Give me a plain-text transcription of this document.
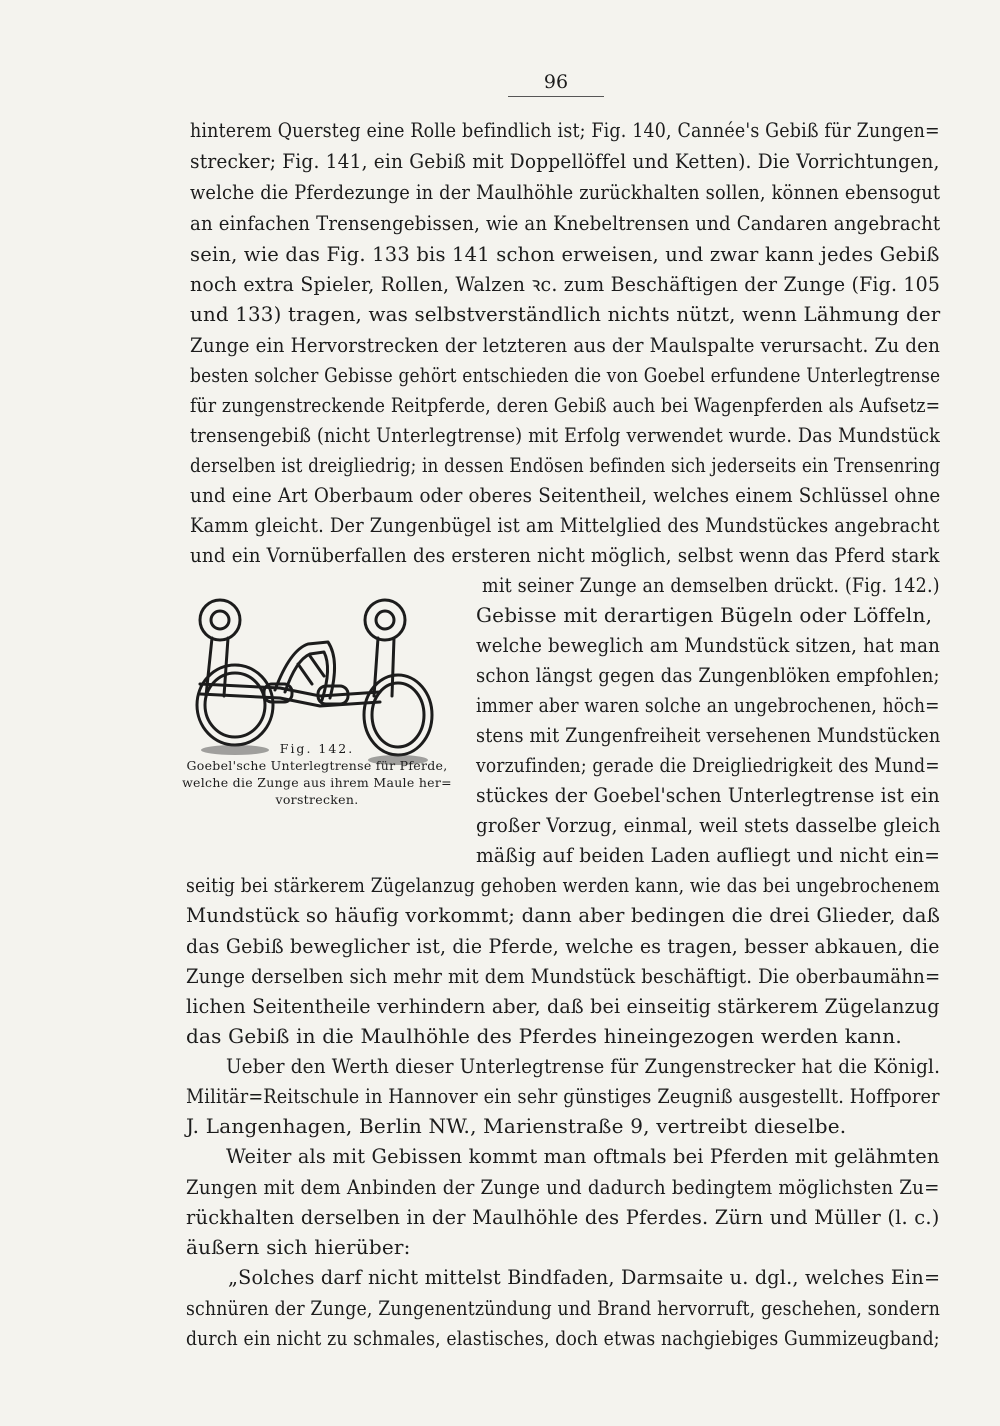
96

hinterem Quersteg eine Rolle befindlich ist; Fig. 140, Cannée's Gebiß für Zungen=

strecker; Fig. 141, ein Gebiß mit Doppellöffel und Ketten). Die Vorrichtungen,

welche die Pferdezunge in der Maulhöhle zurückhalten sollen, können ebensogut

an einfachen Trensengebissen, wie an Knebeltrensen und Candaren angebracht

sein, wie das Fig. 133 bis 141 schon erweisen, und zwar kann jedes Gebiß

noch extra Spieler, Rollen, Walzen ꝛc. zum Beschäftigen der Zunge (Fig. 105

und 133) tragen, was selbstverständlich nichts nützt, wenn Lähmung der

Zunge ein Hervorstrecken der letzteren aus der Maulspalte verursacht. Zu den

besten solcher Gebisse gehört entschieden die von Goebel erfundene Unterlegtrense

für zungenstreckende Reitpferde, deren Gebiß auch bei Wagenpferden als Aufsetz=

trensengebiß (nicht Unterlegtrense) mit Erfolg verwendet wurde. Das Mundstück

derselben ist dreigliedrig; in dessen Endösen befinden sich jederseits ein Trensenring

und eine Art Oberbaum oder oberes Seitentheil, welches einem Schlüssel ohne

Kamm gleicht. Der Zungenbügel ist am Mittelglied des Mundstückes angebracht

und ein Vornüberfallen des ersteren nicht möglich, selbst wenn das Pferd stark

mit seiner Zunge an demselben drückt. (Fig. 142.)

Gebisse mit derartigen Bügeln oder Löffeln,

welche beweglich am Mundstück sitzen, hat man

schon längst gegen das Zungenblöken empfohlen;

immer aber waren solche an ungebrochenen, höch=

stens mit Zungenfreiheit versehenen Mundstücken

vorzufinden; gerade die Dreigliedrigkeit des Mund=

stückes der Goebel'schen Unterlegtrense ist ein

großer Vorzug, einmal, weil stets dasselbe gleich

mäßig auf beiden Laden aufliegt und nicht ein=

seitig bei stärkerem Zügelanzug gehoben werden kann, wie das bei ungebrochenem

Mundstück so häufig vorkommt; dann aber bedingen die drei Glieder, daß

das Gebiß beweglicher ist, die Pferde, welche es tragen, besser abkauen, die

Zunge derselben sich mehr mit dem Mundstück beschäftigt. Die oberbaumähn=

lichen Seitentheile verhindern aber, daß bei einseitig stärkerem Zügelanzug

das Gebiß in die Maulhöhle des Pferdes hineingezogen werden kann.

Ueber den Werth dieser Unterlegtrense für Zungenstrecker hat die Königl.

Militär=Reitschule in Hannover ein sehr günstiges Zeugniß ausgestellt. Hoffporer

J. Langenhagen, Berlin NW., Marienstraße 9, vertreibt dieselbe.

Weiter als mit Gebissen kommt man oftmals bei Pferden mit gelähmten

Zungen mit dem Anbinden der Zunge und dadurch bedingtem möglichsten Zu=

rückhalten derselben in der Maulhöhle des Pferdes. Zürn und Müller (l. c.)

äußern sich hierüber:

„Solches darf nicht mittelst Bindfaden, Darmsaite u. dgl., welches Ein=

schnüren der Zunge, Zungenentzündung und Brand hervorruft, geschehen, sondern

durch ein nicht zu schmales, elastisches, doch etwas nachgiebiges Gummizeugband;

Fig. 142.
Goebel'sche Unterlegtrense für Pferde,
welche die Zunge aus ihrem Maule her=
vorstrecken.
